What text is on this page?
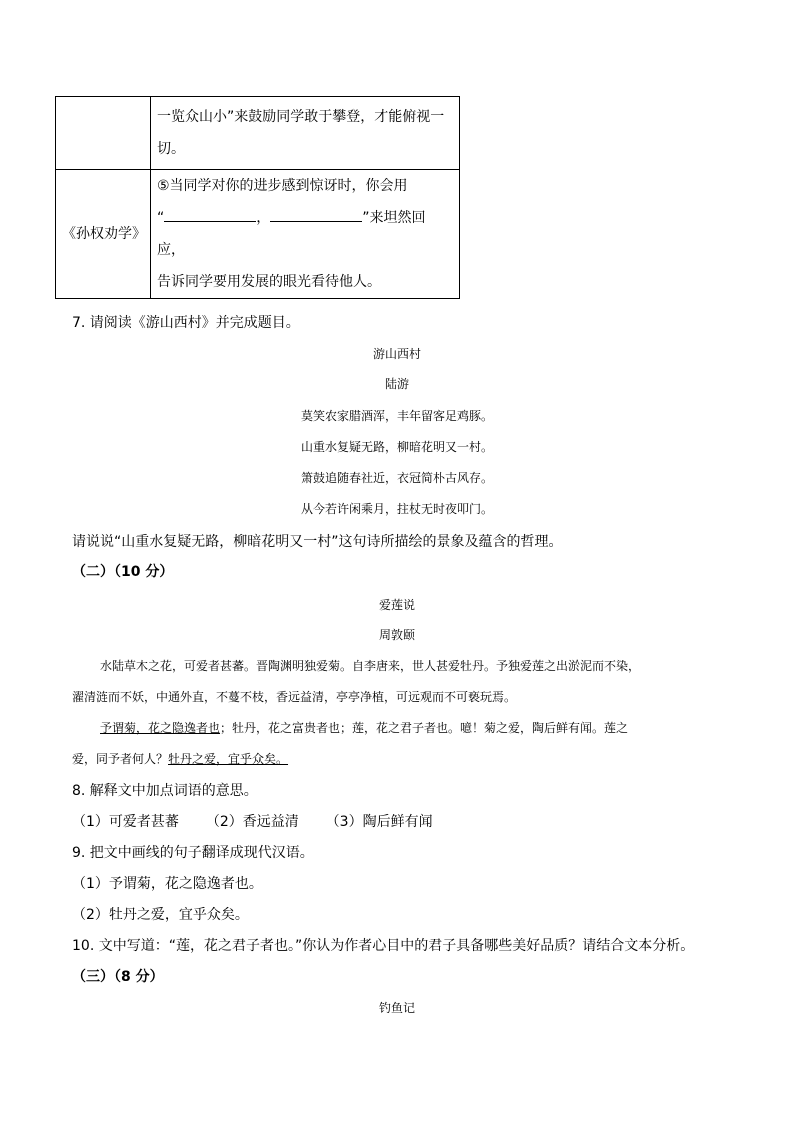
	一览众山小”来鼓励同学敢于攀登，才能俯视一切。
《孙权劝学》	⑤当同学对你的进步感到惊讶时，你会用
“ ， ”来坦然回应，
告诉同学要用发展的眼光看待他人。
7. 请阅读《游山西村》并完成题目。
游山西村
陆游
莫笑农家腊酒浑，丰年留客足鸡豚。
山重水复疑无路，柳暗花明又一村。
箫鼓追随春社近，衣冠简朴古风存。
从今若许闲乘月，拄杖无时夜叩门。
请说说“山重水复疑无路，柳暗花明又一村”这句诗所描绘的景象及蕴含的哲理。
（二）（10 分）
爱莲说
周敦颐
水陆草木之花，可爱者甚蕃。晋陶渊明独爱菊。自李唐来，世人甚爱牡丹。予独爱莲之出淤泥而不染，
濯清涟而不妖，中通外直，不蔓不枝，香远益清，亭亭净植，可远观而不可亵玩焉。
予谓菊，花之隐逸者也；牡丹，花之富贵者也；莲，花之君子者也。噫！菊之爱，陶后鲜有闻。莲之
爱，同予者何人？牡丹之爱，宜乎众矣。
8. 解释文中加点词语的意思。
（1）可爱者甚蕃 （2）香远益清 （3）陶后鲜有闻
9. 把文中画线的句子翻译成现代汉语。
（1）予谓菊，花之隐逸者也。
（2）牡丹之爱，宜乎众矣。
10. 文中写道：“莲，花之君子者也。”你认为作者心目中的君子具备哪些美好品质？请结合文本分析。
（三）（8 分）
钓鱼记
